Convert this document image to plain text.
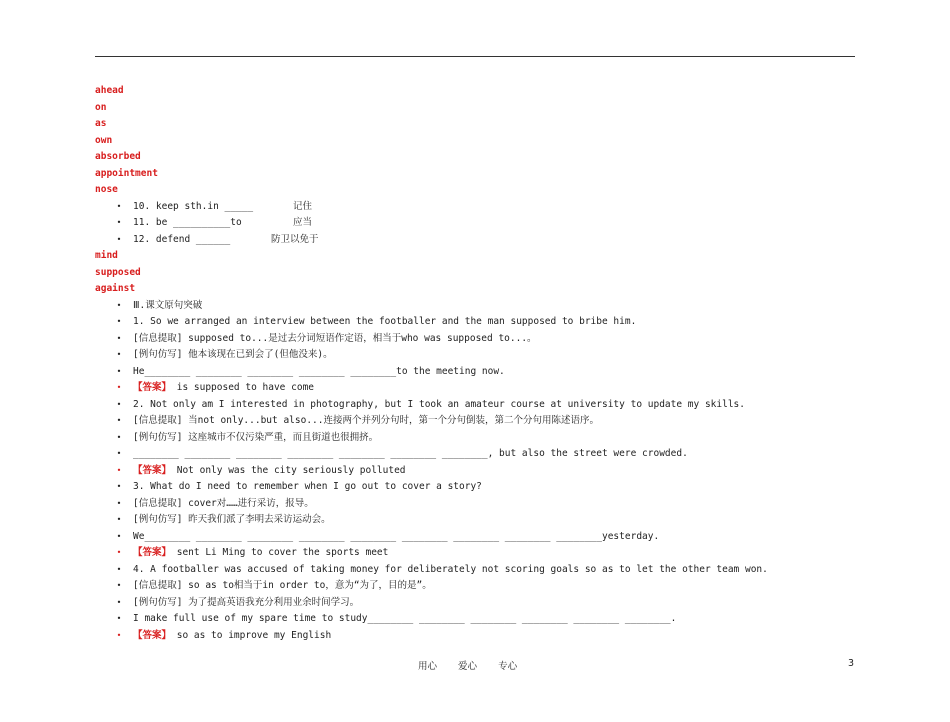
ahead
on
as
own
absorbed
appointment
nose
• 10. keep sth.in _____	记住
• 11. be __________to	应当
• 12. defend ______	防卫以免于
mind
supposed
against
• Ⅲ.课文原句突破
• 1. So we arranged an interview between the footballer and the man supposed to bribe him.
• [信息提取] supposed to...是过去分词短语作定语，相当于who was supposed to...。
• [例句仿写] 他本该现在已到会了(但他没来)。
• He________ ________ ________ ________ ________to the meeting now.
• 【答案】 is supposed to have come
• 2. Not only am I interested in photography, but I took an amateur course at university to update my skills.
• [信息提取] 当not only...but also...连接两个并列分句时，第一个分句倒装，第二个分句用陈述语序。
• [例句仿写] 这座城市不仅污染严重，而且街道也很拥挤。
• ________ ________ ________ ________ ________ ________ ________, but also the street were crowded.
• 【答案】 Not only was the city seriously polluted
• 3. What do I need to remember when I go out to cover a story?
• [信息提取] cover对……进行采访，报导。
• [例句仿写] 昨天我们派了李明去采访运动会。
• We________ ________ ________ ________ ________ ________ ________ ________ ________yesterday.
• 【答案】 sent Li Ming to cover the sports meet
• 4. A footballer was accused of taking money for deliberately not scoring goals so as to let the other team won.
• [信息提取] so as to相当于in order to，意为“为了，目的是”。
• [例句仿写] 为了提高英语我充分利用业余时间学习。
• I make full use of my spare time to study________ ________ ________ ________ ________ ________.
• 【答案】 so as to improve my English
用心 爱心 专心	3
